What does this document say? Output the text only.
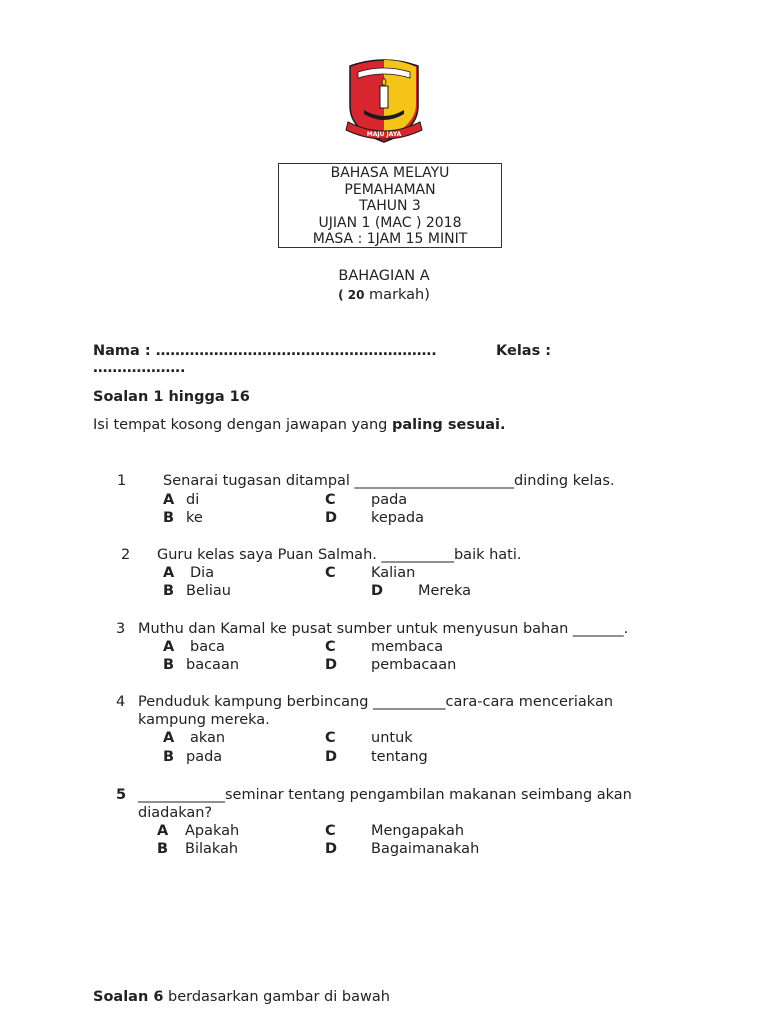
MAJU JAYA
BAHASA MELAYU
PEMAHAMAN
TAHUN 3
UJIAN 1 (MAC ) 2018
MASA : 1JAM 15 MINIT
BAHAGIAN A
( 20 markah)
Nama : ………………………………………………….	Kelas :
……………….
Soalan 1 hingga 16
Isi tempat kosong dengan jawapan yang paling sesuai.
1	Senarai tugasan ditampal ______________________dinding kelas.
A di	C pada
B ke	D kepada
2 Guru kelas saya Puan Salmah. __________baik hati.
A Dia	C Kalian
B Beliau	D Mereka
3 Muthu dan Kamal ke pusat sumber untuk menyusun bahan _______.
A baca	C membaca
B bacaan	D pembacaan
4 Penduduk kampung berbincang __________cara-cara menceriakan
kampung mereka.
A akan	C untuk
B pada	D tentang
5 ____________seminar tentang pengambilan makanan seimbang akan
diadakan?
A Apakah	C Mengapakah
B Bilakah	D Bagaimanakah
Soalan 6 berdasarkan gambar di bawah
